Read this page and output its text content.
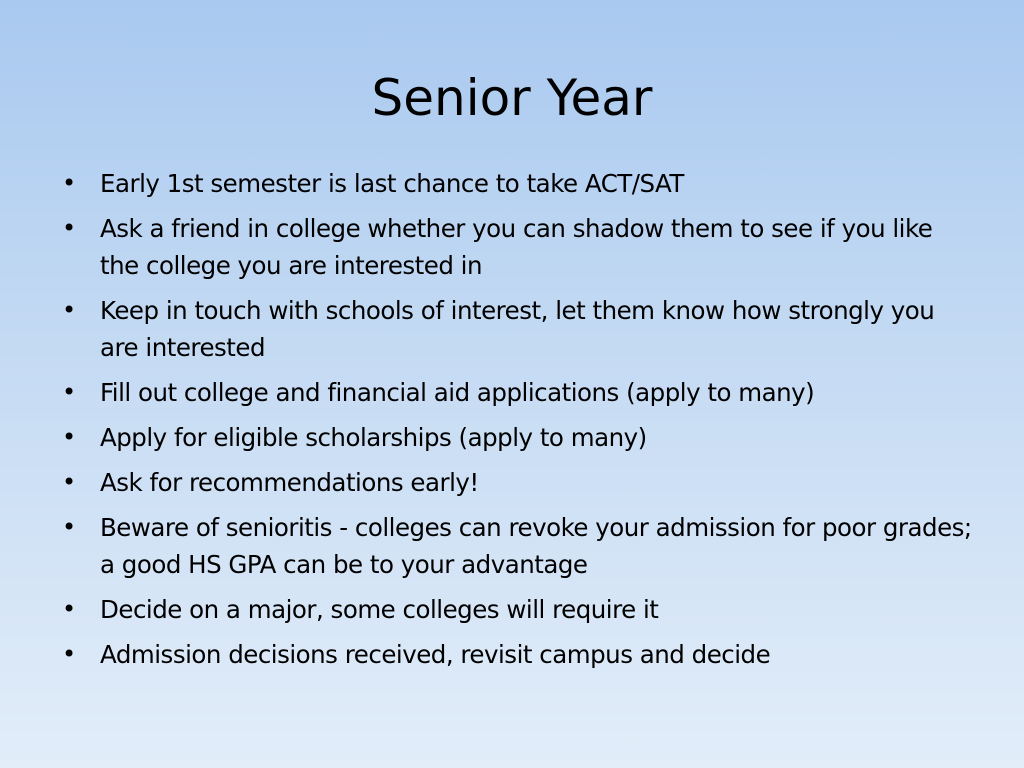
Senior Year
• Early 1st semester is last chance to take ACT/SAT
• Ask a friend in college whether you can shadow them to see if you like the college you are interested in
• Keep in touch with schools of interest, let them know how strongly you are interested
• Fill out college and financial aid applications (apply to many)
• Apply for eligible scholarships (apply to many)
• Ask for recommendations early!
• Beware of senioritis - colleges can revoke your admission for poor grades; a good HS GPA can be to your advantage
• Decide on a major, some colleges will require it
• Admission decisions received, revisit campus and decide
